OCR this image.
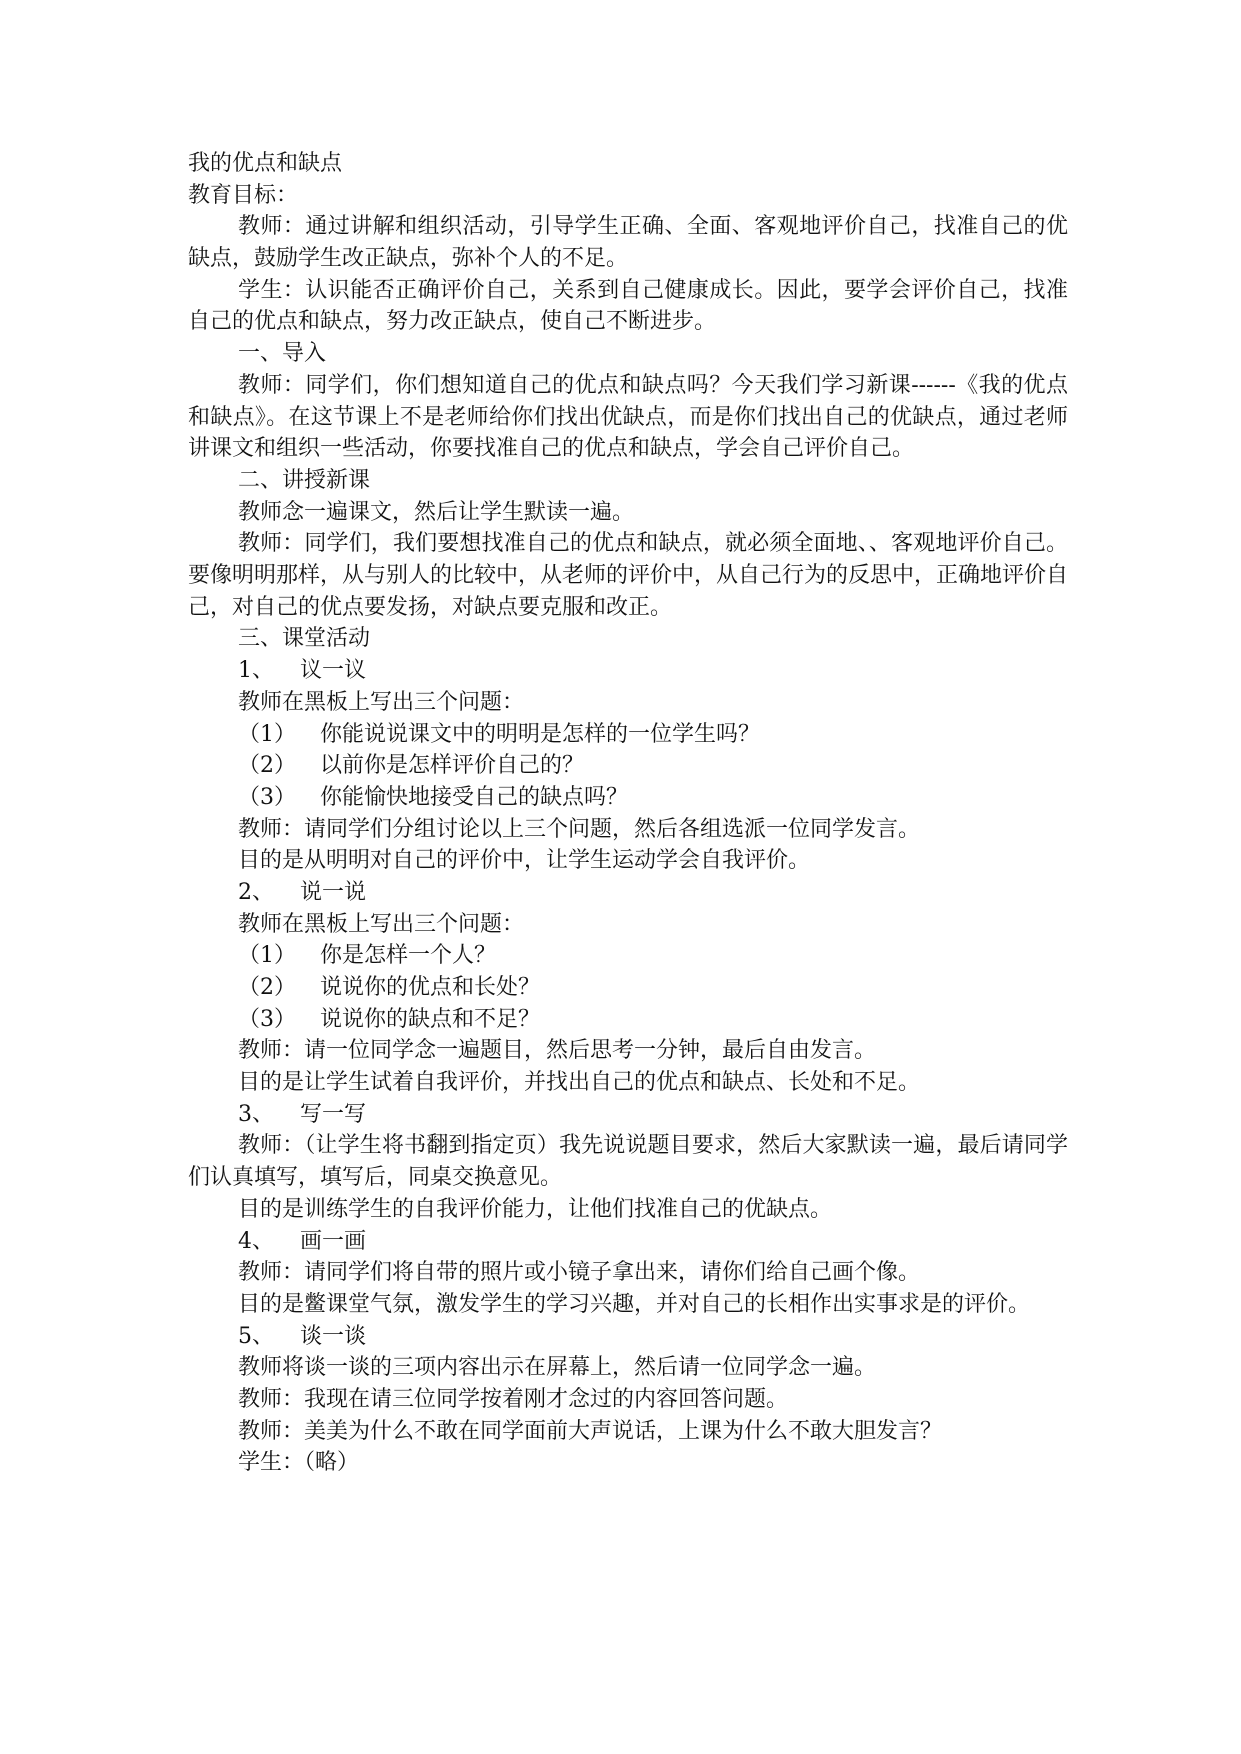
我的优点和缺点
教育目标：
教师：通过讲解和组织活动，引导学生正确、全面、客观地评价自己，找准自己的优缺点，鼓励学生改正缺点，弥补个人的不足。
学生：认识能否正确评价自己，关系到自己健康成长。因此，要学会评价自己，找准自己的优点和缺点，努力改正缺点，使自己不断进步。
一、导入
教师：同学们，你们想知道自己的优点和缺点吗？今天我们学习新课------《我的优点和缺点》。在这节课上不是老师给你们找出优缺点，而是你们找出自己的优缺点，通过老师讲课文和组织一些活动，你要找准自己的优点和缺点，学会自己评价自己。
二、讲授新课
教师念一遍课文，然后让学生默读一遍。
教师：同学们，我们要想找准自己的优点和缺点，就必须全面地、、客观地评价自己。要像明明那样，从与别人的比较中，从老师的评价中，从自己行为的反思中，正确地评价自己，对自己的优点要发扬，对缺点要克服和改正。
三、课堂活动
1、 议一议
教师在黑板上写出三个问题：
（1） 你能说说课文中的明明是怎样的一位学生吗？
（2） 以前你是怎样评价自己的？
（3） 你能愉快地接受自己的缺点吗？
教师：请同学们分组讨论以上三个问题，然后各组选派一位同学发言。
目的是从明明对自己的评价中，让学生运动学会自我评价。
2、 说一说
教师在黑板上写出三个问题：
（1） 你是怎样一个人？
（2） 说说你的优点和长处？
（3） 说说你的缺点和不足？
教师：请一位同学念一遍题目，然后思考一分钟，最后自由发言。
目的是让学生试着自我评价，并找出自己的优点和缺点、长处和不足。
3、 写一写
教师：（让学生将书翻到指定页）我先说说题目要求，然后大家默读一遍，最后请同学们认真填写，填写后，同桌交换意见。
目的是训练学生的自我评价能力，让他们找准自己的优缺点。
4、 画一画
教师：请同学们将自带的照片或小镜子拿出来，请你们给自己画个像。
目的是鳖课堂气氛，激发学生的学习兴趣，并对自己的长相作出实事求是的评价。
5、 谈一谈
教师将谈一谈的三项内容出示在屏幕上，然后请一位同学念一遍。
教师：我现在请三位同学按着刚才念过的内容回答问题。
教师：美美为什么不敢在同学面前大声说话，上课为什么不敢大胆发言？
学生：（略）
